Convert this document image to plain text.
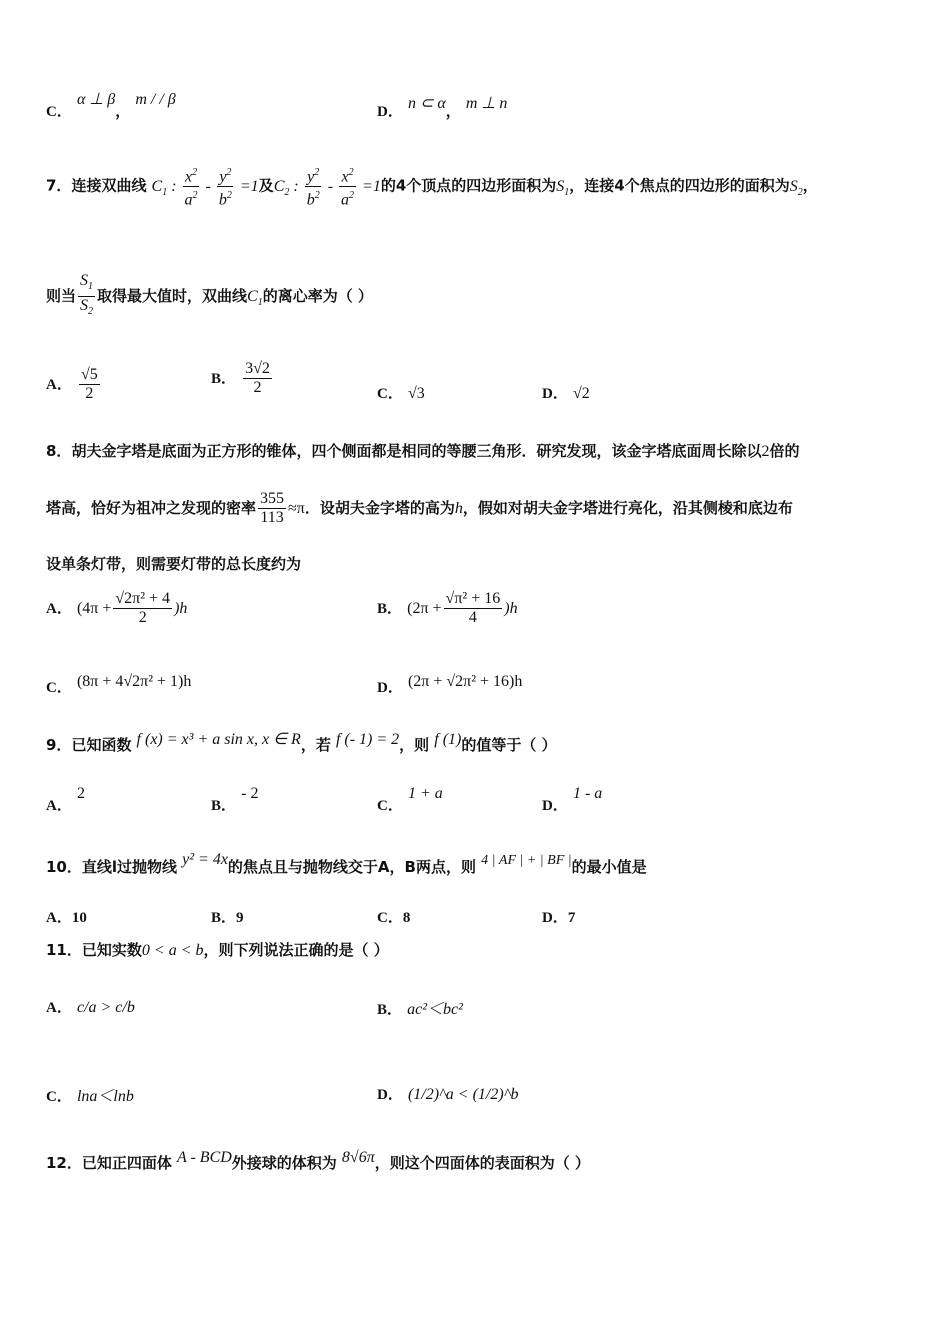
C． α ⊥ β， m / / β
D． n ⊂ α， m ⊥ n
7．连接双曲线 $C_1$ : $\frac{x^2}{a^2} - \frac{y^2}{b^2} =1$及$C_2$ : $\frac{y^2}{b^2} - \frac{x^2}{a^2} =1$的4个顶点的四边形面积为$S_1$，连接4个焦点的四边形的面积为$S_2$，
则当 $\frac{S_1}{S_2}$ 取得最大值时，双曲线$C_1$的离心率为（ ）
A． $\frac{√5}{2}$	B． $\frac{3√2}{2}$	C． √3	D． √2
8．胡夫金字塔是底面为正方形的锥体，四个侧面都是相同的等腰三角形．研究发现，该金字塔底面周长除以2倍的
塔高，恰好为祖冲之发现的密率 $\frac{355}{113} \approx\pi$．设胡夫金字塔的高为h，假如对胡夫金字塔进行亮化，沿其侧棱和底边布
设单条灯带，则需要灯带的总长度约为
A． $(4\pi + \frac{\text{√2π² + 4}}{2} )h$	B． $(2\pi + \frac{\text{√π² + 16}}{4} )h$
C． (8π + 4√2π² + 1)h	D． (2π + √2π² + 16)h
9．已知函数 f (x) = x³ + a sin x, x ∈ R，若 f (- 1) = 2，则 f (1)的值等于（ ）
A． 2
B． - 2
C． 1 + a
D． 1 - a
10．直线l过抛物线 y² = 4x的焦点且与抛物线交于A，B两点，则 4 | AF | + | BF |的最小值是
A．10	B．9	C．8	D．7
11．已知实数0 < a < b，则下列说法正确的是（ ）
A． c/a > c/b	B． ac²＜bc²
C． lna＜lnb	D． (1/2)^a < (1/2)^b
12．已知正四面体 A - BCD外接球的体积为 8√6π，则这个四面体的表面积为（ ）
